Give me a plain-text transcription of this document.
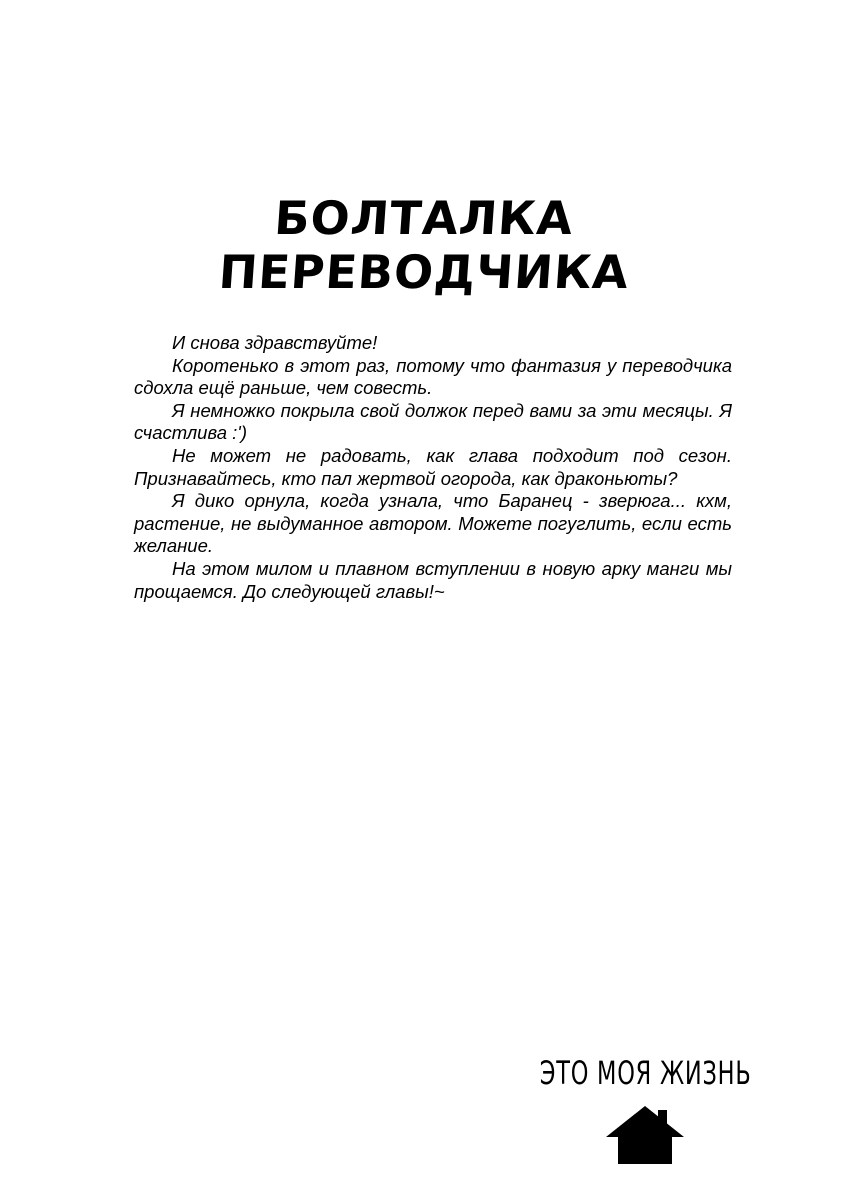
БОЛТАЛКА
ПЕРЕВОДЧИКА

И снова здравствуйте!

Коротенько в этот раз, потому что фантазия у переводчика сдохла ещё раньше, чем совесть.

Я немножко покрыла свой должок перед вами за эти месяцы. Я счастлива :')

Не может не радовать, как глава подходит под сезон. Признавайтесь, кто пал жертвой огорода, как драконьюты?

Я дико орнула, когда узнала, что Баранец - зверюга... кхм, растение, не выдуманное автором. Можете погуглить, если есть желание.

На этом милом и плавном вступлении в новую арку манги мы прощаемся. До следующей главы!~

ЭТО МОЯ ЖИЗНЬ
